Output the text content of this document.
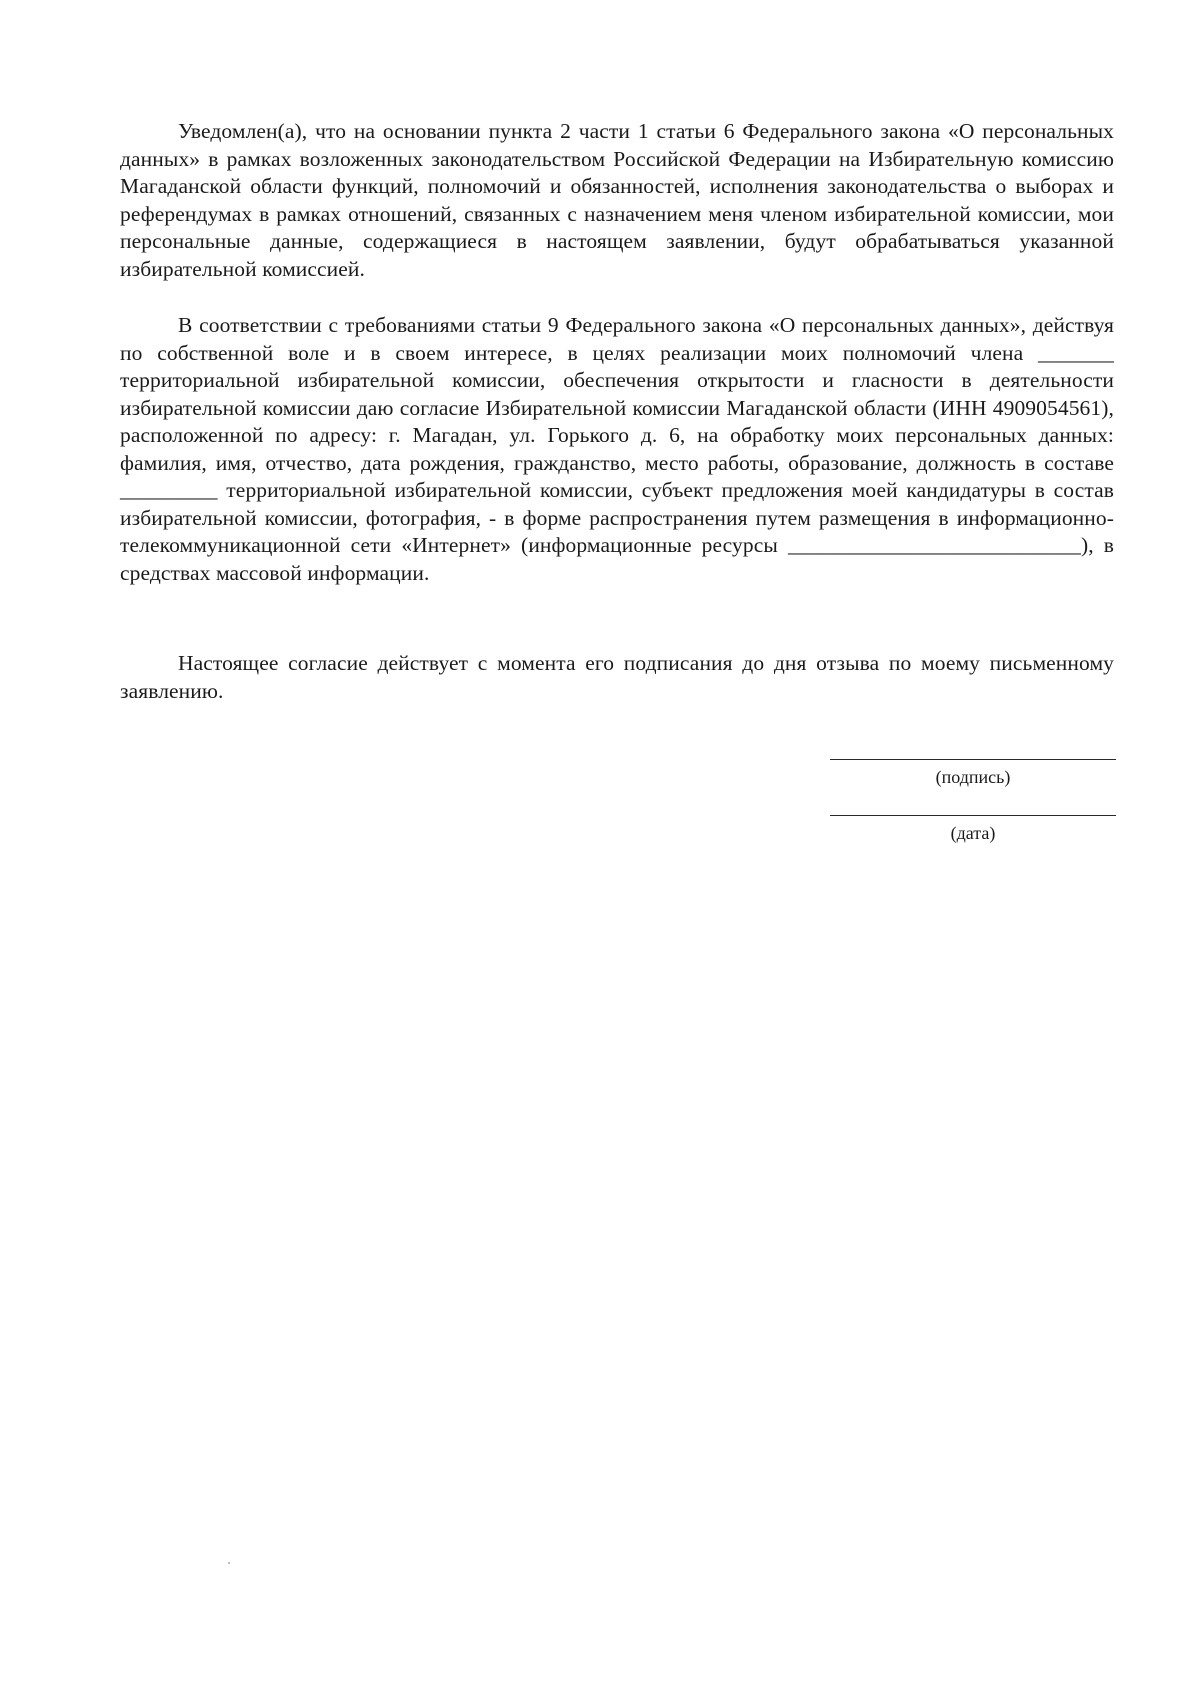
Уведомлен(а), что на основании пункта 2 части 1 статьи 6 Федерального закона «О персональных данных» в рамках возложенных законодательством Российской Федерации на Избирательную комиссию Магаданской области функций, полномочий и обязанностей, исполнения законодательства о выборах и референдумах в рамках отношений, связанных с назначением меня членом избирательной комиссии, мои персональные данные, содержащиеся в настоящем заявлении, будут обрабатываться указанной избирательной комиссией.

В соответствии с требованиями статьи 9 Федерального закона «О персональных данных», действуя по собственной воле и в своем интересе, в целях реализации моих полномочий члена _______ территориальной избирательной комиссии, обеспечения открытости и гласности в деятельности избирательной комиссии даю согласие Избирательной комиссии Магаданской области (ИНН 4909054561), расположенной по адресу: г. Магадан, ул. Горького д. 6, на обработку моих персональных данных: фамилия, имя, отчество, дата рождения, гражданство, место работы, образование, должность в составе _________ территориальной избирательной комиссии, субъект предложения моей кандидатуры в состав избирательной комиссии, фотография, - в форме распространения путем размещения в информационно-телекоммуникационной сети «Интернет» (информационные ресурсы ___________________________), в средствах массовой информации.

Настоящее согласие действует с момента его подписания до дня отзыва по моему письменному заявлению.

(подпись)
(дата)
